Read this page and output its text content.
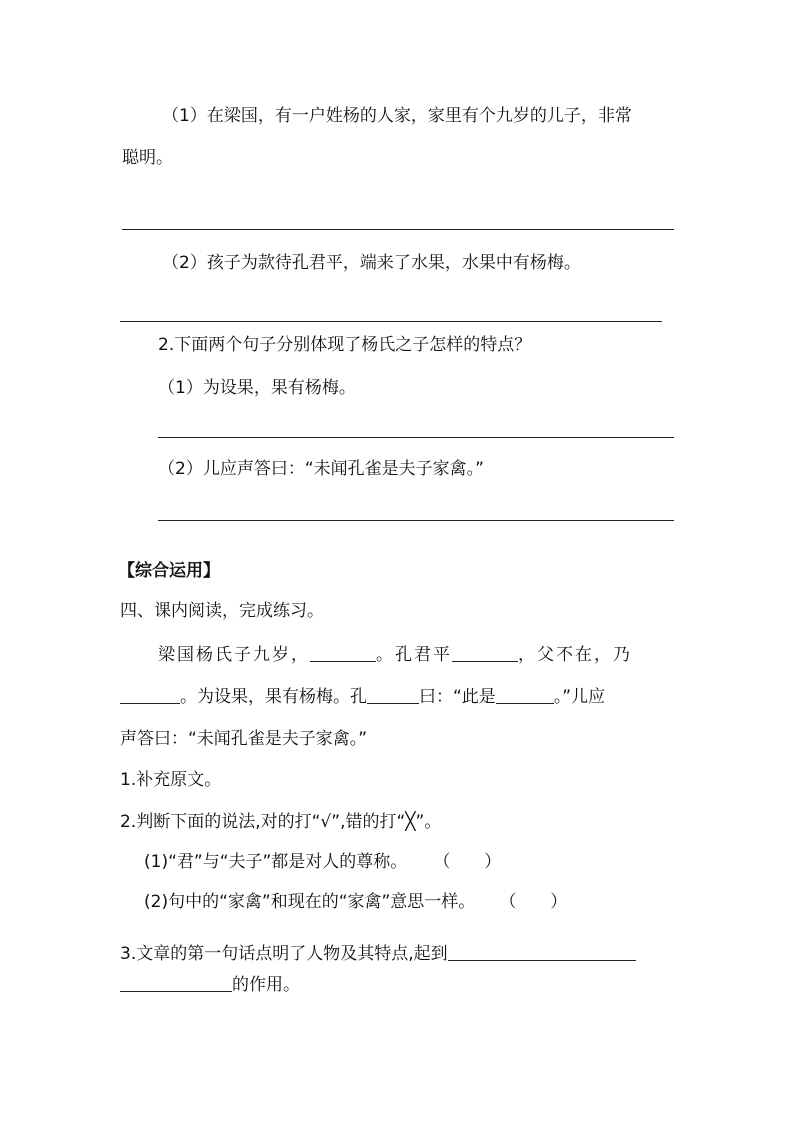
（1）在梁国，有一户姓杨的人家，家里有个九岁的儿子，非常
聪明。
（2）孩子为款待孔君平，端来了水果，水果中有杨梅。
2.下面两个句子分别体现了杨氏之子怎样的特点？
（1）为设果，果有杨梅。
（2）儿应声答曰：“未闻孔雀是夫子家禽。”
【综合运用】
四、课内阅读，完成练习。
梁国杨氏子九岁，	。孔君平	，父不在，乃
。为设果，果有杨梅。孔	曰：“此是	。”儿应
声答曰：“未闻孔雀是夫子家禽。”
1.补充原文。
2.判断下面的说法,对的打“√”,错的打“╳”。
(1)“君”与“夫子”都是对人的尊称。 （　　）
(2)句中的“家禽”和现在的“家禽”意思一样。 （　　）
3.文章的第一句话点明了人物及其特点,起到
的作用。
